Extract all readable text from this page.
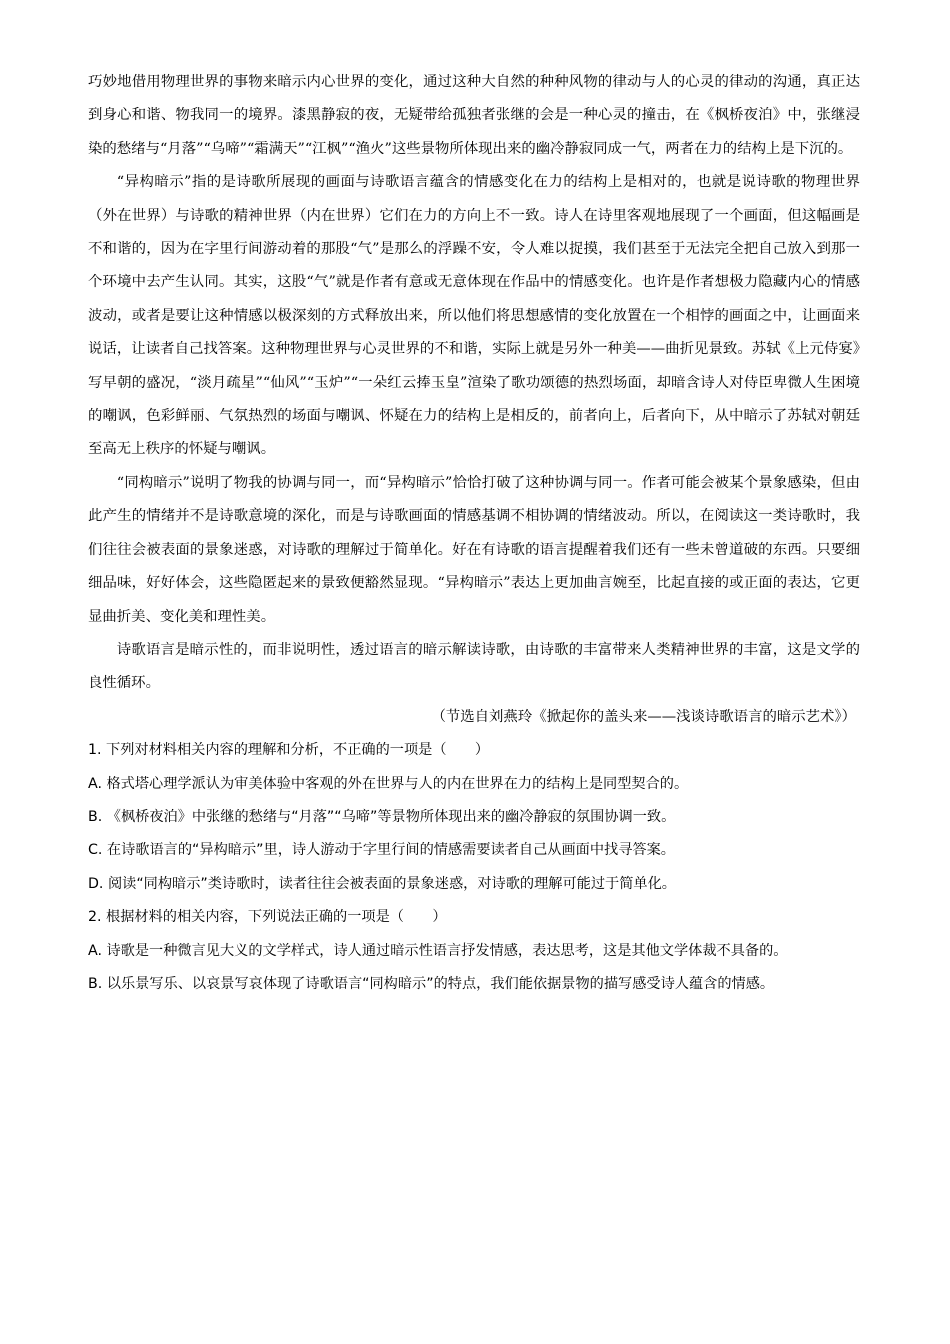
巧妙地借用物理世界的事物来暗示内心世界的变化，通过这种大自然的种种风物的律动与人的心灵的律动的沟通，真正达到身心和谐、物我同一的境界。漆黑静寂的夜，无疑带给孤独者张继的会是一种心灵的撞击，在《枫桥夜泊》中，张继浸染的愁绪与“月落”“乌啼”“霜满天”“江枫”“渔火”这些景物所体现出来的幽冷静寂同成一气，两者在力的结构上是下沉的。

“异构暗示”指的是诗歌所展现的画面与诗歌语言蕴含的情感变化在力的结构上是相对的，也就是说诗歌的物理世界（外在世界）与诗歌的精神世界（内在世界）它们在力的方向上不一致。诗人在诗里客观地展现了一个画面，但这幅画是不和谐的，因为在字里行间游动着的那股“气”是那么的浮躁不安，令人难以捉摸，我们甚至于无法完全把自己放入到那一个环境中去产生认同。其实，这股“气”就是作者有意或无意体现在作品中的情感变化。也许是作者想极力隐藏内心的情感波动，或者是要让这种情感以极深刻的方式释放出来，所以他们将思想感情的变化放置在一个相悖的画面之中，让画面来说话，让读者自己找答案。这种物理世界与心灵世界的不和谐，实际上就是另外一种美——曲折见景致。苏轼《上元侍宴》写早朝的盛况，“淡月疏星”“仙风”“玉炉”“一朵红云捧玉皇”渲染了歌功颂德的热烈场面，却暗含诗人对侍臣卑微人生困境的嘲讽，色彩鲜丽、气氛热烈的场面与嘲讽、怀疑在力的结构上是相反的，前者向上，后者向下，从中暗示了苏轼对朝廷至高无上秩序的怀疑与嘲讽。

“同构暗示”说明了物我的协调与同一，而“异构暗示”恰恰打破了这种协调与同一。作者可能会被某个景象感染，但由此产生的情绪并不是诗歌意境的深化，而是与诗歌画面的情感基调不相协调的情绪波动。所以，在阅读这一类诗歌时，我们往往会被表面的景象迷惑，对诗歌的理解过于简单化。好在有诗歌的语言提醒着我们还有一些未曾道破的东西。只要细细品味，好好体会，这些隐匿起来的景致便豁然显现。“异构暗示”表达上更加曲言婉至，比起直接的或正面的表达，它更显曲折美、变化美和理性美。

诗歌语言是暗示性的，而非说明性，透过语言的暗示解读诗歌，由诗歌的丰富带来人类精神世界的丰富，这是文学的良性循环。

（节选自刘燕玲《掀起你的盖头来——浅谈诗歌语言的暗示艺术》）

1. 下列对材料相关内容的理解和分析，不正确的一项是（　　）

A. 格式塔心理学派认为审美体验中客观的外在世界与人的内在世界在力的结构上是同型契合的。

B. 《枫桥夜泊》中张继的愁绪与“月落”“乌啼”等景物所体现出来的幽冷静寂的氛围协调一致。

C. 在诗歌语言的“异构暗示”里，诗人游动于字里行间的情感需要读者自己从画面中找寻答案。

D. 阅读“同构暗示”类诗歌时，读者往往会被表面的景象迷惑，对诗歌的理解可能过于简单化。

2. 根据材料的相关内容，下列说法正确的一项是（　　）

A. 诗歌是一种微言见大义的文学样式，诗人通过暗示性语言抒发情感，表达思考，这是其他文学体裁不具备的。

B. 以乐景写乐、以哀景写哀体现了诗歌语言“同构暗示”的特点，我们能依据景物的描写感受诗人蕴含的情感。
